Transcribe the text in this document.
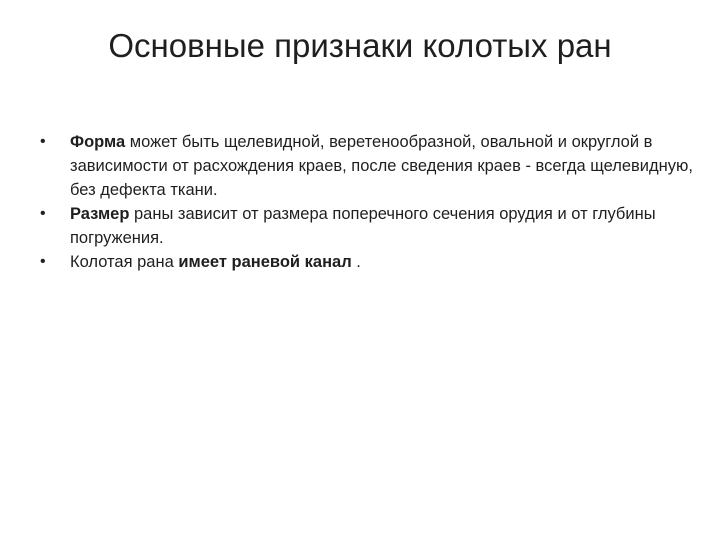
Основные признаки колотых ран
•	Форма может быть щелевидной, веретенообразной, овальной и округлой в зависимости от расхождения краев, после сведения краев - всегда щелевидную, без дефекта ткани.
•	Размер раны зависит от размера поперечного сечения орудия и от глубины погружения.
•	Колотая рана имеет раневой канал .
